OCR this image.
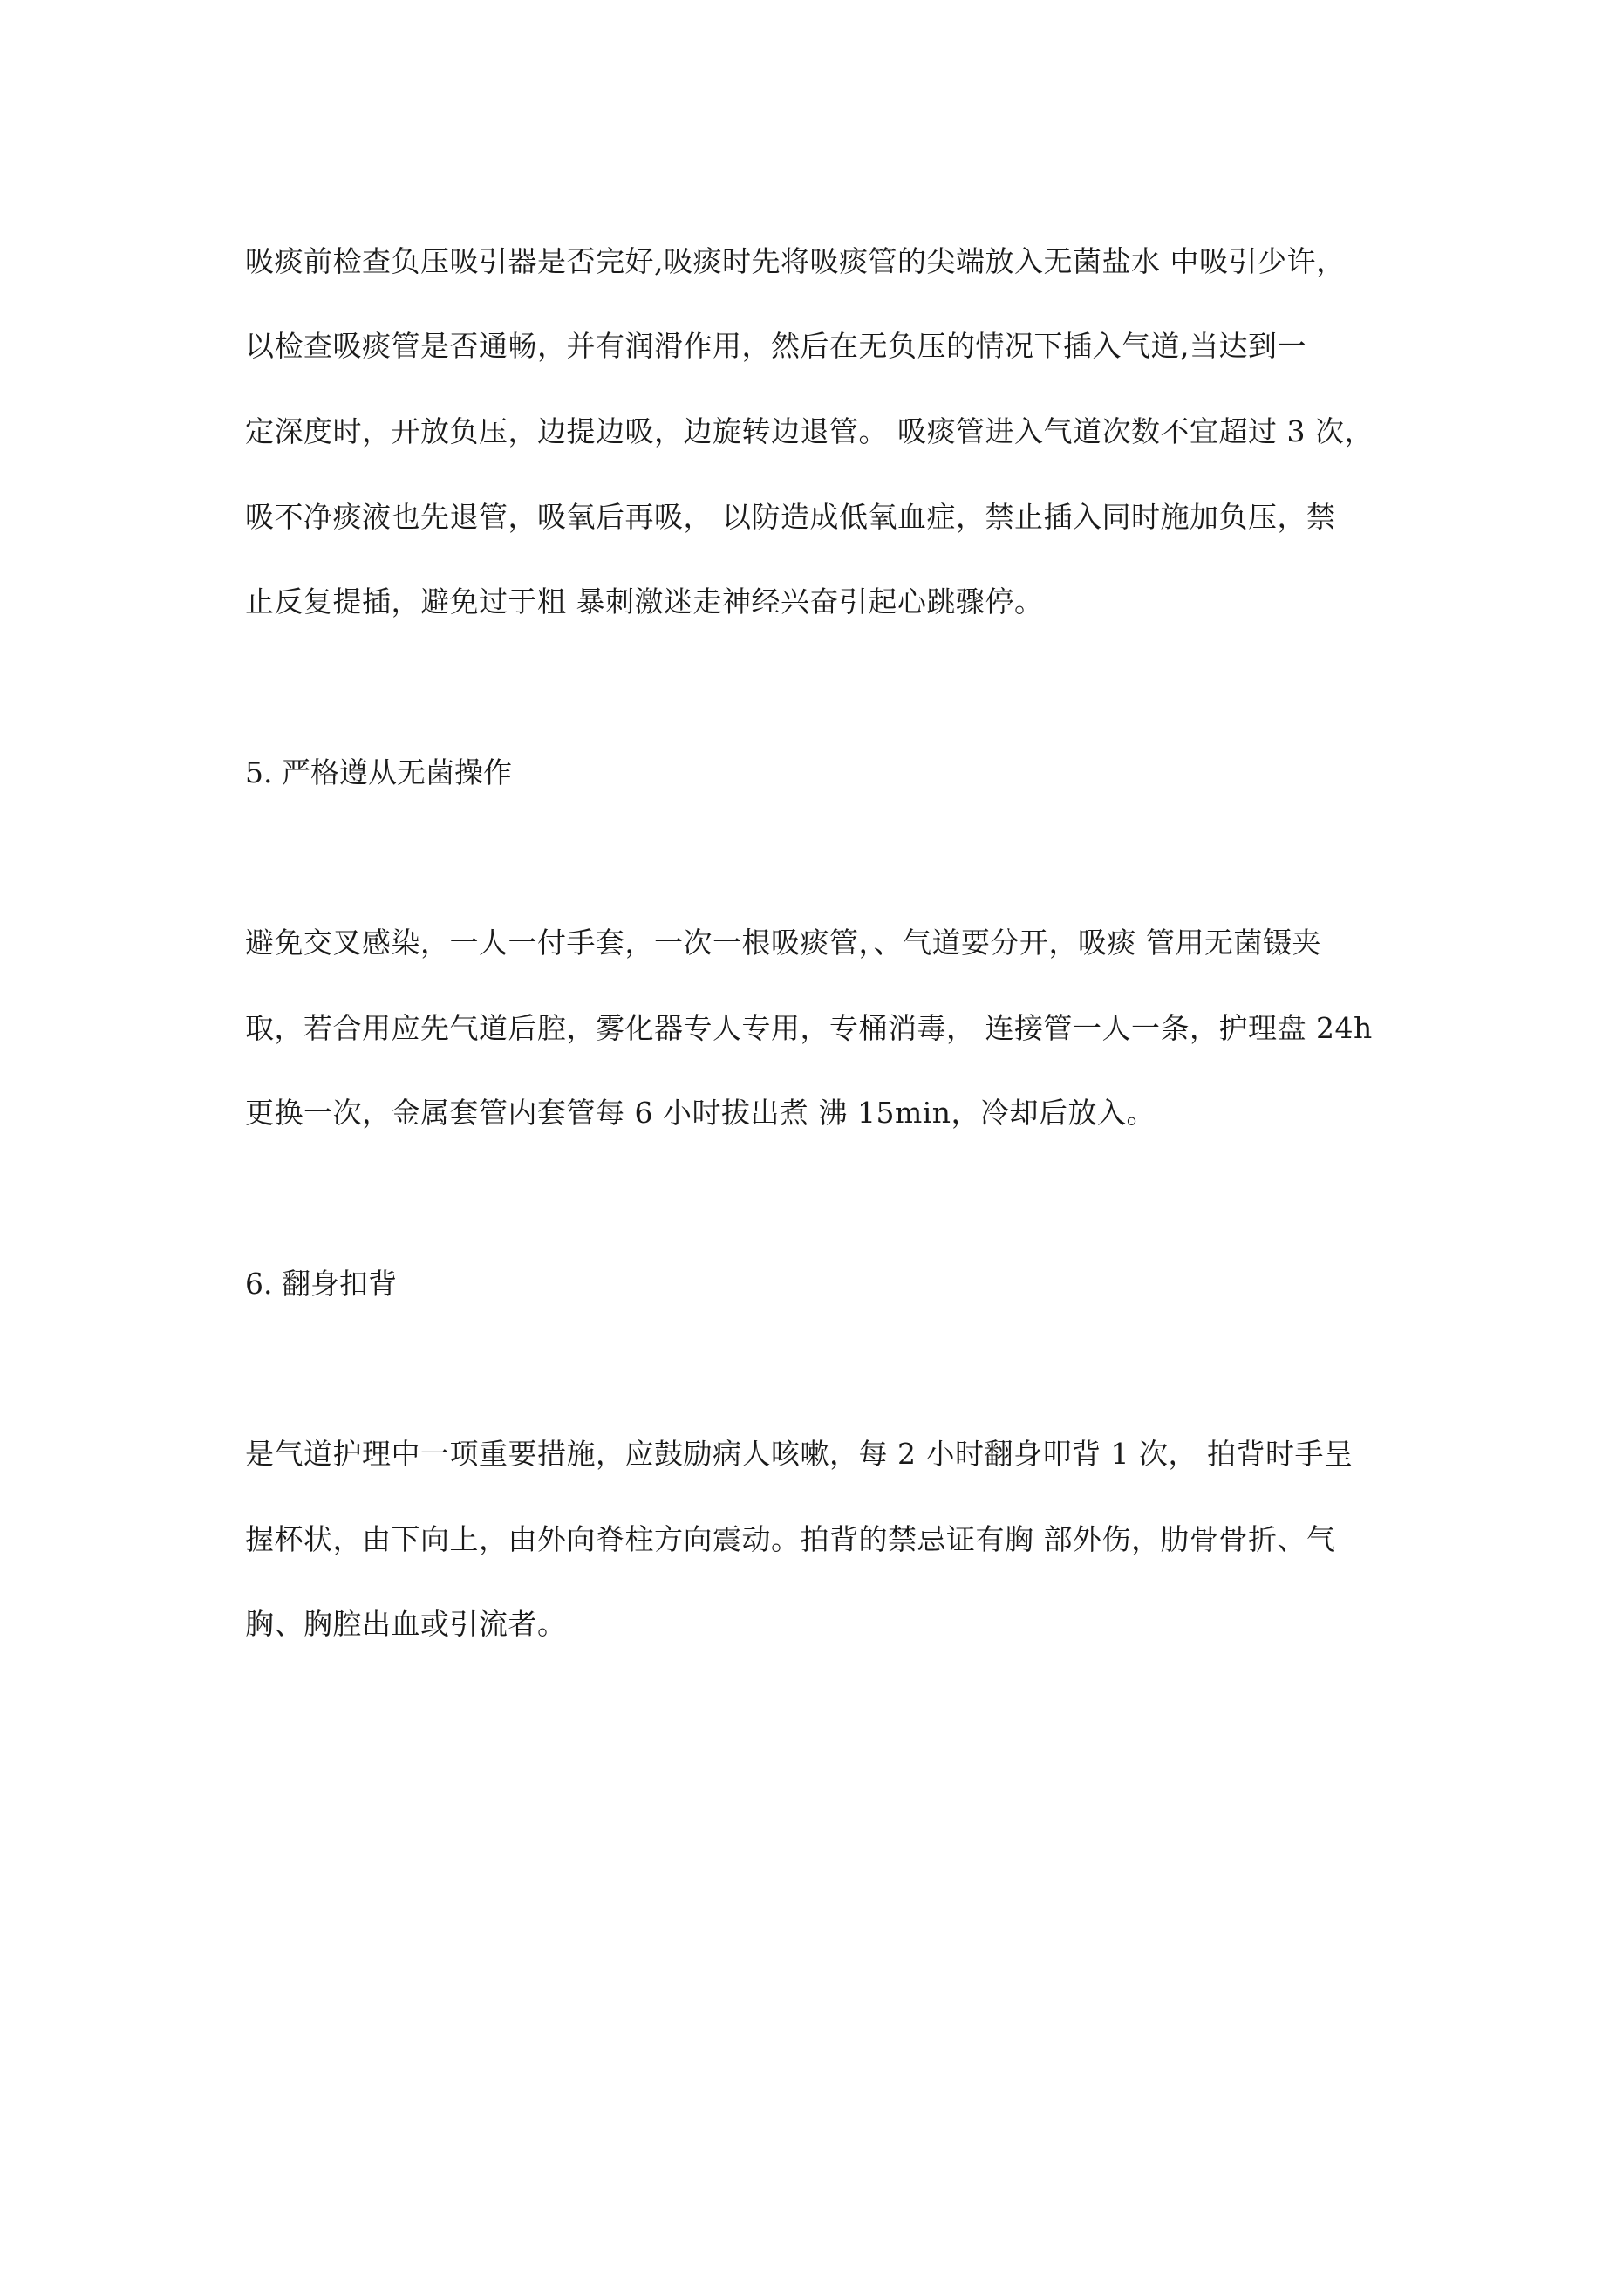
吸痰前检查负压吸引器是否完好,吸痰时先将吸痰管的尖端放入无菌盐水 中吸引少许，
以检查吸痰管是否通畅，并有润滑作用，然后在无负压的情况下插入气道,当达到一
定深度时，开放负压，边提边吸，边旋转边退管。 吸痰管进入气道次数不宜超过 3 次，
吸不净痰液也先退管，吸氧后再吸， 以防造成低氧血症，禁止插入同时施加负压，禁
止反复提插，避免过于粗 暴刺激迷走神经兴奋引起心跳骤停。
5. 严格遵从无菌操作
避免交叉感染，一人一付手套，一次一根吸痰管，、气道要分开，吸痰 管用无菌镊夹
取，若合用应先气道后腔，雾化器专人专用，专桶消毒， 连接管一人一条，护理盘 24h
更换一次，金属套管内套管每 6 小时拔出煮 沸 15min，冷却后放入。
6. 翻身扣背
是气道护理中一项重要措施，应鼓励病人咳嗽，每 2 小时翻身叩背 1 次， 拍背时手呈
握杯状，由下向上，由外向脊柱方向震动。拍背的禁忌证有胸 部外伤，肋骨骨折、气
胸、胸腔出血或引流者。
